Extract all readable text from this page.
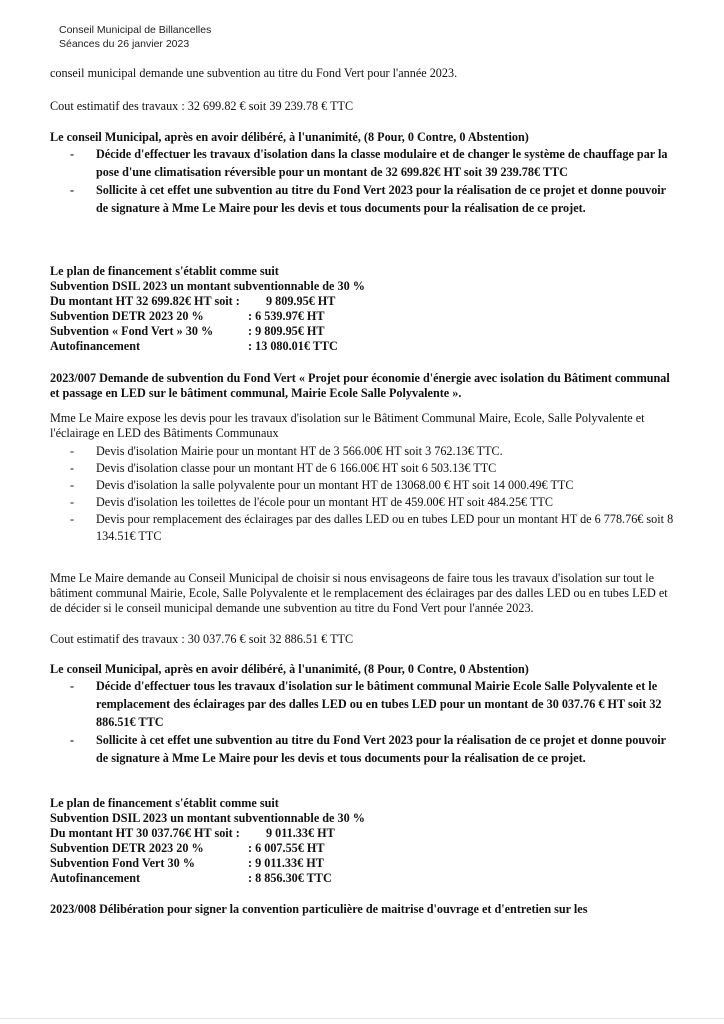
Conseil Municipal de Billancelles
Séances du 26 janvier 2023
conseil municipal demande une subvention au titre du Fond Vert pour l'année 2023.
Cout estimatif des travaux : 32 699.82 € soit 39 239.78 € TTC
Le conseil Municipal, après en avoir délibéré, à l'unanimité, (8 Pour, 0 Contre, 0 Abstention)
- Décide d'effectuer les travaux d'isolation dans la classe modulaire et de changer le système de chauffage par la pose d'une climatisation réversible pour un montant de 32 699.82€ HT soit 39 239.78€ TTC
- Sollicite à cet effet une subvention au titre du Fond Vert 2023 pour la réalisation de ce projet et donne pouvoir de signature à Mme Le Maire pour les devis et tous documents pour la réalisation de ce projet.
Le plan de financement s'établit comme suit
Subvention DSIL 2023 un montant subventionnable de 30 %
Du montant HT 32 699.82€ HT soit :	9 809.95€ HT
Subvention DETR 2023 20 %	: 6 539.97€ HT
Subvention « Fond Vert » 30 %	: 9 809.95€ HT
Autofinancement	: 13 080.01€ TTC
2023/007 Demande de subvention du Fond Vert « Projet pour économie d'énergie avec isolation du Bâtiment communal et passage en LED sur le bâtiment communal, Mairie Ecole Salle Polyvalente ».
Mme Le Maire expose les devis pour les travaux d'isolation sur le Bâtiment Communal Maire, Ecole, Salle Polyvalente et l'éclairage en LED des Bâtiments Communaux
- Devis d'isolation Mairie pour un montant HT de 3 566.00€ HT soit 3 762.13€ TTC.
- Devis d'isolation classe pour un montant HT de 6 166.00€ HT soit 6 503.13€ TTC
- Devis d'isolation la salle polyvalente pour un montant HT de 13068.00 € HT soit 14 000.49€ TTC
- Devis d'isolation les toilettes de l'école pour un montant HT de 459.00€ HT soit 484.25€ TTC
- Devis pour remplacement des éclairages par des dalles LED ou en tubes LED pour un montant HT de 6 778.76€ soit 8 134.51€ TTC
Mme Le Maire demande au Conseil Municipal de choisir si nous envisageons de faire tous les travaux d'isolation sur tout le bâtiment communal Mairie, Ecole, Salle Polyvalente et le remplacement des éclairages par des dalles LED ou en tubes LED et de décider si le conseil municipal demande une subvention au titre du Fond Vert pour l'année 2023.
Cout estimatif des travaux : 30 037.76 € soit 32 886.51 € TTC
Le conseil Municipal, après en avoir délibéré, à l'unanimité, (8 Pour, 0 Contre, 0 Abstention)
- Décide d'effectuer tous les travaux d'isolation sur le bâtiment communal Mairie Ecole Salle Polyvalente et le remplacement des éclairages par des dalles LED ou en tubes LED pour un montant de 30 037.76 € HT soit 32 886.51€ TTC
- Sollicite à cet effet une subvention au titre du Fond Vert 2023 pour la réalisation de ce projet et donne pouvoir de signature à Mme Le Maire pour les devis et tous documents pour la réalisation de ce projet.
Le plan de financement s'établit comme suit
Subvention DSIL 2023 un montant subventionnable de 30 %
Du montant HT 30 037.76€ HT soit :	9 011.33€ HT
Subvention DETR 2023 20 %	: 6 007.55€ HT
Subvention Fond Vert 30 %	: 9 011.33€ HT
Autofinancement	: 8 856.30€ TTC
2023/008 Délibération pour signer la convention particulière de maitrise d'ouvrage et d'entretien sur les
